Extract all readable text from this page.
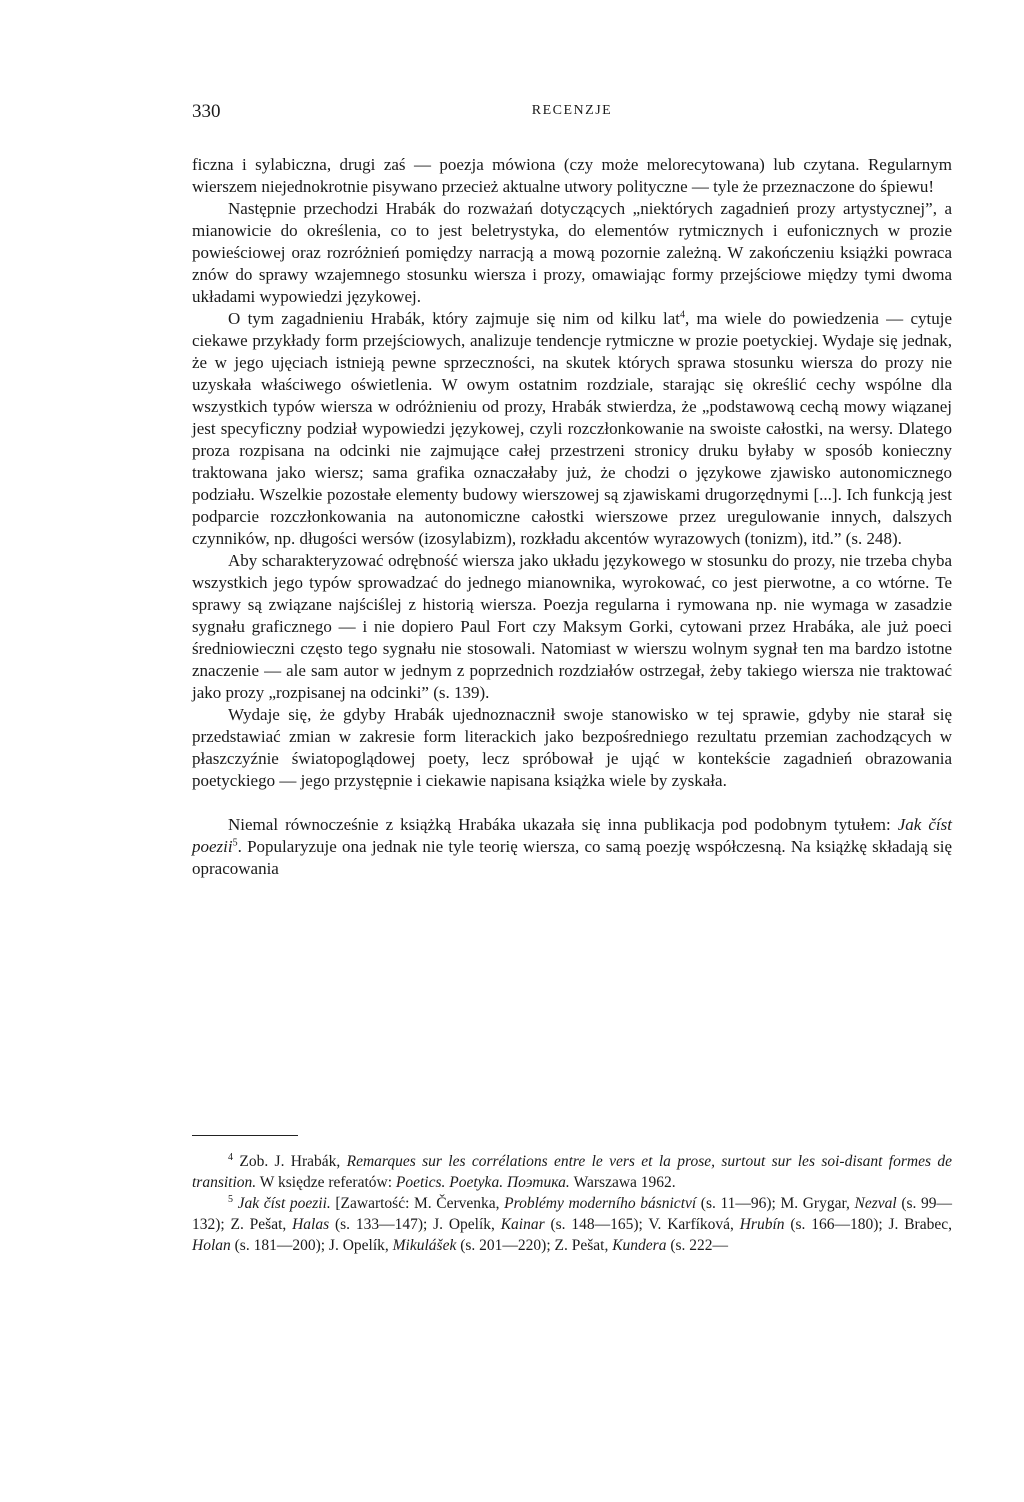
330	RECENZJE

ficzna i sylabiczna, drugi zaś — poezja mówiona (czy może melorecytowana) lub czytana. Regularnym wierszem niejednokrotnie pisywano przecież aktualne utwory polityczne — tyle że przeznaczone do śpiewu!

Następnie przechodzi Hrabák do rozważań dotyczących „niektórych zagadnień prozy artystycznej”, a mianowicie do określenia, co to jest beletrystyka, do elementów rytmicznych i eufonicznych w prozie powieściowej oraz rozróżnień pomiędzy narracją a mową pozornie zależną. W zakończeniu książki powraca znów do sprawy wzajemnego stosunku wiersza i prozy, omawiając formy przejściowe między tymi dwoma układami wypowiedzi językowej.

O tym zagadnieniu Hrabák, który zajmuje się nim od kilku lat$^4$, ma wiele do powiedzenia — cytuje ciekawe przykłady form przejściowych, analizuje tendencje rytmiczne w prozie poetyckiej. Wydaje się jednak, że w jego ujęciach istnieją pewne sprzeczności, na skutek których sprawa stosunku wiersza do prozy nie uzyskała właściwego oświetlenia. W owym ostatnim rozdziale, starając się określić cechy wspólne dla wszystkich typów wiersza w odróżnieniu od prozy, Hrabák stwierdza, że „podstawową cechą mowy wiązanej jest specyficzny podział wypowiedzi językowej, czyli rozczłonkowanie na swoiste całostki, na wersy. Dlatego proza rozpisana na odcinki nie zajmujące całej przestrzeni stronicy druku byłaby w sposób konieczny traktowana jako wiersz; sama grafika oznaczałaby już, że chodzi o językowe zjawisko autonomicznego podziału. Wszelkie pozostałe elementy budowy wierszowej są zjawiskami drugorzędnymi [...]. Ich funkcją jest podparcie rozczłonkowania na autonomiczne całostki wierszowe przez uregulowanie innych, dalszych czynników, np. długości wersów (izosylabizm), rozkładu akcentów wyrazowych (tonizm), itd.” (s. 248).

Aby scharakteryzować odrębność wiersza jako układu językowego w stosunku do prozy, nie trzeba chyba wszystkich jego typów sprowadzać do jednego mianownika, wyrokować, co jest pierwotne, a co wtórne. Te sprawy są związane najściślej z historią wiersza. Poezja regularna i rymowana np. nie wymaga w zasadzie sygnału graficznego — i nie dopiero Paul Fort czy Maksym Gorki, cytowani przez Hrabáka, ale już poeci średniowieczni często tego sygnału nie stosowali. Natomiast w wierszu wolnym sygnał ten ma bardzo istotne znaczenie — ale sam autor w jednym z poprzednich rozdziałów ostrzegał, żeby takiego wiersza nie traktować jako prozy „rozpisanej na odcinki” (s. 139).

Wydaje się, że gdyby Hrabák ujednoznacznił swoje stanowisko w tej sprawie, gdyby nie starał się przedstawiać zmian w zakresie form literackich jako bezpośredniego rezultatu przemian zachodzących w płaszczyźnie światopoglądowej poety, lecz spróbował je ująć w kontekście zagadnień obrazowania poetyckiego — jego przystępnie i ciekawie napisana książka wiele by zyskała.

Niemal równocześnie z książką Hrabáka ukazała się inna publikacja pod podobnym tytułem: Jak číst poezii$^5$. Popularyzuje ona jednak nie tyle teorię wiersza, co samą poezję współczesną. Na książkę składają się opracowania

$^4$ Zob. J. Hrabák, Remarques sur les corrélations entre le vers et la prose, surtout sur les soi-disant formes de transition. W księdze referatów: Poetics. Poetyka. Поэтика. Warszawa 1962.

$^5$ Jak číst poezii. [Zawartość: M. Červenka, Problémy moderního básnictví (s. 11—96); M. Grygar, Nezval (s. 99—132); Z. Pešat, Halas (s. 133—147); J. Opelík, Kainar (s. 148—165); V. Karfíková, Hrubín (s. 166—180); J. Brabec, Holan (s. 181—200); J. Opelík, Mikulášek (s. 201—220); Z. Pešat, Kundera (s. 222—
